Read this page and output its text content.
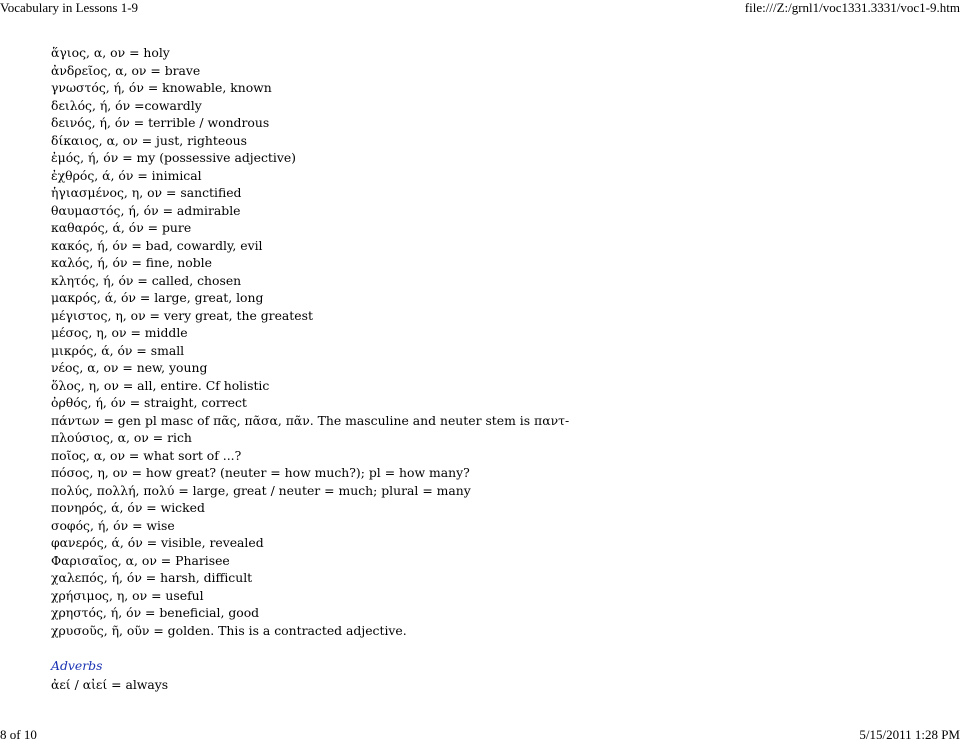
Vocabulary in Lessons 1-9	file:///Z:/grnl1/voc1331.3331/voc1-9.htm
ἅγιος, α, ον = holy
ἀνδρεῖος, α, ον = brave
γνωστός, ή, όν = knowable, known
δειλός, ή, όν =cowardly
δεινός, ή, όν = terrible / wondrous
δίκαιος, α, ον = just, righteous
ἐμός, ή, όν = my (possessive adjective)
ἐχθρός, ά, όν = inimical
ἡγιασμένος, η, ον = sanctified
θαυμαστός, ή, όν = admirable
καθαρός, ά, όν = pure
κακός, ή, όν = bad, cowardly, evil
καλός, ή, όν = fine, noble
κλητός, ή, όν = called, chosen
μακρός, ά, όν = large, great, long
μέγιστος, η, ον = very great, the greatest
μέσος, η, ον = middle
μικρός, ά, όν = small
νέος, α, ον = new, young
ὅλος, η, ον = all, entire. Cf holistic
ὀρθός, ή, όν = straight, correct
πάντων = gen pl masc of πᾶς, πᾶσα, πᾶν. The masculine and neuter stem is παντ-
πλούσιος, α, ον = rich
ποῖος, α, ον = what sort of ...?
πόσος, η, ον = how great? (neuter = how much?); pl = how many?
πολύς, πολλή, πολύ = large, great / neuter = much; plural = many
πονηρός, ά, όν = wicked
σοφός, ή, όν = wise
φανερός, ά, όν = visible, revealed
Φαρισαῖος, α, ον = Pharisee
χαλεπός, ή, όν = harsh, difficult
χρήσιμος, η, ον = useful
χρηστός, ή, όν = beneficial, good
χρυσοῦς, ῆ, οῦν = golden. This is a contracted adjective.
Adverbs
ἀεί / αἰεί = always
8 of 10	5/15/2011 1:28 PM
